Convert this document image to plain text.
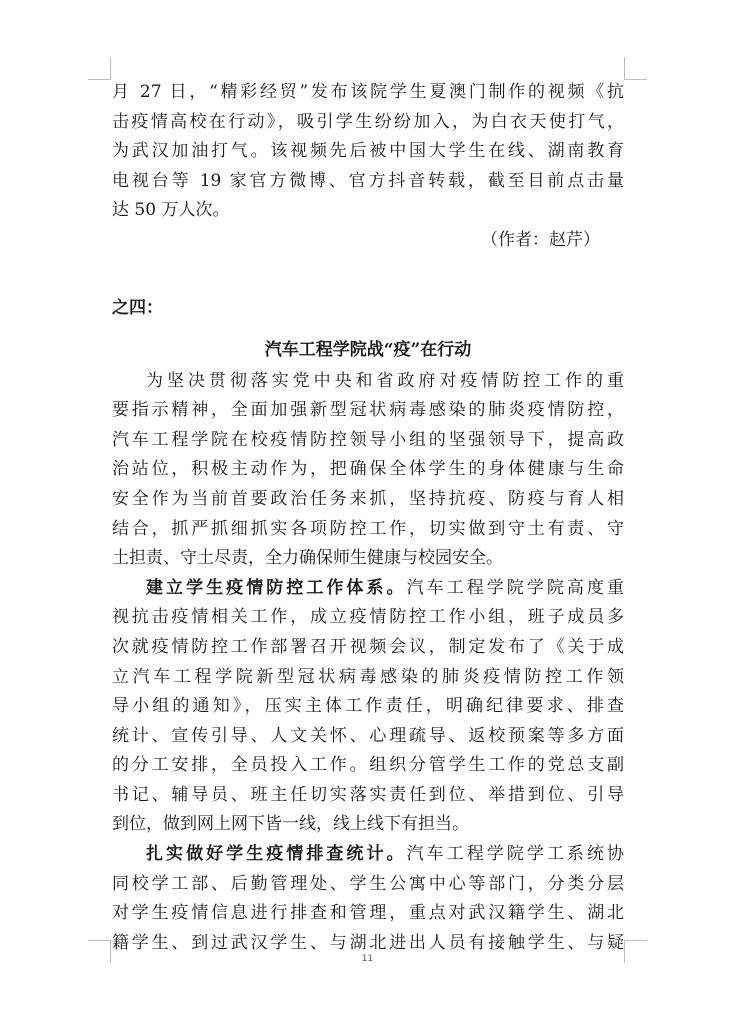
月 27 日，“精彩经贸”发布该院学生夏澳门制作的视频《抗
击疫情高校在行动》，吸引学生纷纷加入，为白衣天使打气，
为武汉加油打气。该视频先后被中国大学生在线、湖南教育
电视台等 19 家官方微博、官方抖音转载，截至目前点击量
达 50 万人次。
（作者：赵芹）
之四：
汽车工程学院战“疫”在行动
为坚决贯彻落实党中央和省政府对疫情防控工作的重
要指示精神，全面加强新型冠状病毒感染的肺炎疫情防控，
汽车工程学院在校疫情防控领导小组的坚强领导下，提高政
治站位，积极主动作为，把确保全体学生的身体健康与生命
安全作为当前首要政治任务来抓，坚持抗疫、防疫与育人相
结合，抓严抓细抓实各项防控工作，切实做到守土有责、守
土担责、守土尽责，全力确保师生健康与校园安全。
建立学生疫情防控工作体系。汽车工程学院学院高度重
视抗击疫情相关工作，成立疫情防控工作小组，班子成员多
次就疫情防控工作部署召开视频会议，制定发布了《关于成
立汽车工程学院新型冠状病毒感染的肺炎疫情防控工作领
导小组的通知》，压实主体工作责任，明确纪律要求、排查
统计、宣传引导、人文关怀、心理疏导、返校预案等多方面
的分工安排，全员投入工作。组织分管学生工作的党总支副
书记、辅导员、班主任切实落实责任到位、举措到位、引导
到位，做到网上网下皆一线，线上线下有担当。
扎实做好学生疫情排查统计。汽车工程学院学工系统协
同校学工部、后勤管理处、学生公寓中心等部门，分类分层
对学生疫情信息进行排查和管理，重点对武汉籍学生、湖北
籍学生、到过武汉学生、与湖北进出人员有接触学生、与疑
11
